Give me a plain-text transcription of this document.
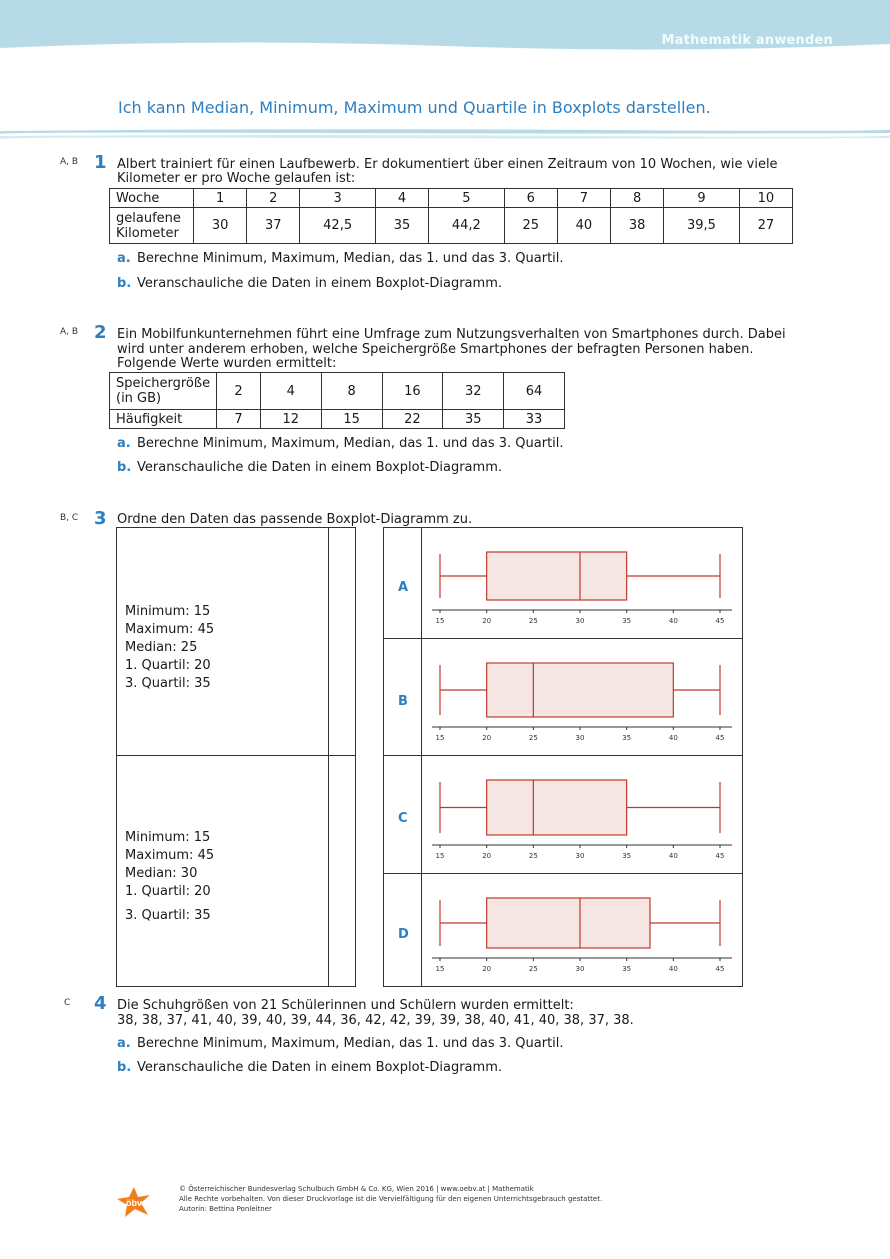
Mathematik anwenden
Ich kann Median, Minimum, Maximum und Quartile in Boxplots darstellen.
A, B 1 Albert trainiert für einen Laufbewerb. Er dokumentiert über einen Zeitraum von 10 Wochen, wie viele
Kilometer er pro Woche gelaufen ist:
Woche	1	2	3	4	5	6	7	8	9	10

gelaufene
Kilometer	30	37	42,5	35	44,2	25	40	38	39,5	27
a. Berechne Minimum, Maximum, Median, das 1. und das 3. Quartil.
b. Veranschauliche die Daten in einem Boxplot-Diagramm.
A, B 2 Ein Mobilfunkunternehmen führt eine Umfrage zum Nutzungsverhalten von Smartphones durch. Dabei
wird unter anderem erhoben, welche Speichergröße Smartphones der befragten Personen haben.
Folgende Werte wurden ermittelt:
Speichergröße
(in GB)	2	4	8	16	32	64
Häufigkeit	7	12	15	22	35	33
a. Berechne Minimum, Maximum, Median, das 1. und das 3. Quartil.
b. Veranschauliche die Daten in einem Boxplot-Diagramm.
B, C 3 Ordne den Daten das passende Boxplot-Diagramm zu.
Minimum: 15
Maximum: 45
Median: 25
1. Quartil: 20
3. Quartil: 35
Minimum: 15
Maximum: 45
Median: 30
1. Quartil: 20
3. Quartil: 35
A
B
C
D
15	20	25	30	35	40	45
15	20	25	30	35	40	45
15	20	25	30	35	40	45
15	20	25	30	35	40	45
C 4 Die Schuhgrößen von 21 Schülerinnen und Schülern wurden ermittelt:
38, 38, 37, 41, 40, 39, 40, 39, 44, 36, 42, 42, 39, 39, 38, 40, 41, 40, 38, 37, 38.
a. Berechne Minimum, Maximum, Median, das 1. und das 3. Quartil.
b. Veranschauliche die Daten in einem Boxplot-Diagramm.
öbv
© Österreichischer Bundesverlag Schulbuch GmbH & Co. KG, Wien 2016 | www.oebv.at | Mathematik
Alle Rechte vorbehalten. Von dieser Druckvorlage ist die Vervielfältigung für den eigenen Unterrichtsgebrauch gestattet.
Autorin: Bettina Ponleitner
